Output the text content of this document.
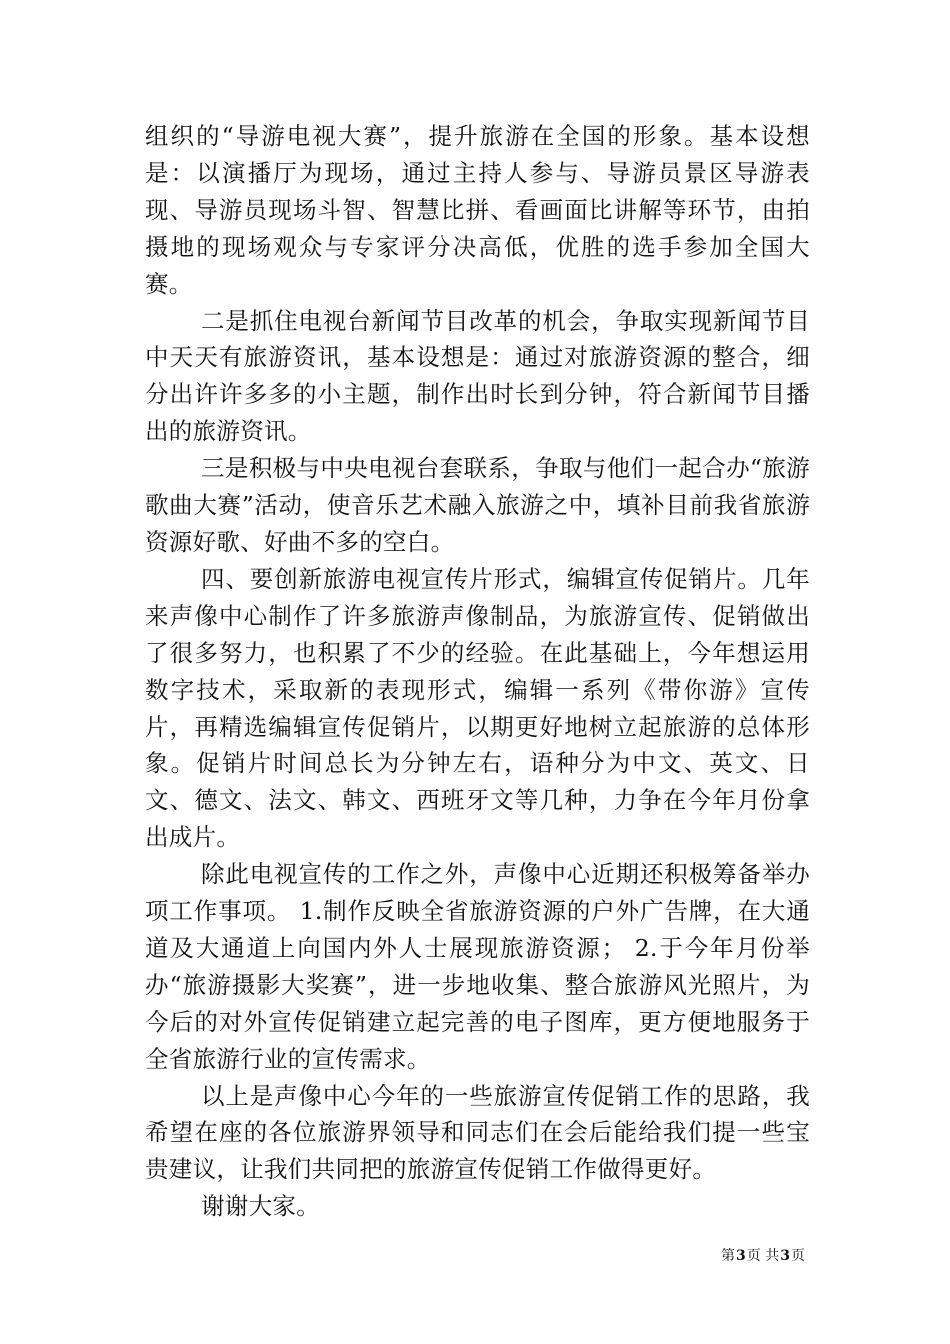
组织的“导游电视大赛”，提升旅游在全国的形象。基本设想是：以演播厅为现场，通过主持人参与、导游员景区导游表现、导游员现场斗智、智慧比拼、看画面比讲解等环节，由拍摄地的现场观众与专家评分决高低，优胜的选手参加全国大赛。

二是抓住电视台新闻节目改革的机会，争取实现新闻节目中天天有旅游资讯，基本设想是：通过对旅游资源的整合，细分出许许多多的小主题，制作出时长到分钟，符合新闻节目播出的旅游资讯。

三是积极与中央电视台套联系，争取与他们一起合办“旅游歌曲大赛”活动，使音乐艺术融入旅游之中，填补目前我省旅游资源好歌、好曲不多的空白。

四、要创新旅游电视宣传片形式，编辑宣传促销片。几年来声像中心制作了许多旅游声像制品，为旅游宣传、促销做出了很多努力，也积累了不少的经验。在此基础上，今年想运用数字技术，采取新的表现形式，编辑一系列《带你游》宣传片，再精选编辑宣传促销片，以期更好地树立起旅游的总体形象。促销片时间总长为分钟左右，语种分为中文、英文、日文、德文、法文、韩文、西班牙文等几种，力争在今年月份拿出成片。

除此电视宣传的工作之外，声像中心近期还积极筹备举办项工作事项。 1.制作反映全省旅游资源的户外广告牌，在大通道及大通道上向国内外人士展现旅游资源； 2.于今年月份举办“旅游摄影大奖赛”，进一步地收集、整合旅游风光照片，为今后的对外宣传促销建立起完善的电子图库，更方便地服务于全省旅游行业的宣传需求。

以上是声像中心今年的一些旅游宣传促销工作的思路，我希望在座的各位旅游界领导和同志们在会后能给我们提一些宝贵建议，让我们共同把的旅游宣传促销工作做得更好。

谢谢大家。

第 3 页 共 3 页
